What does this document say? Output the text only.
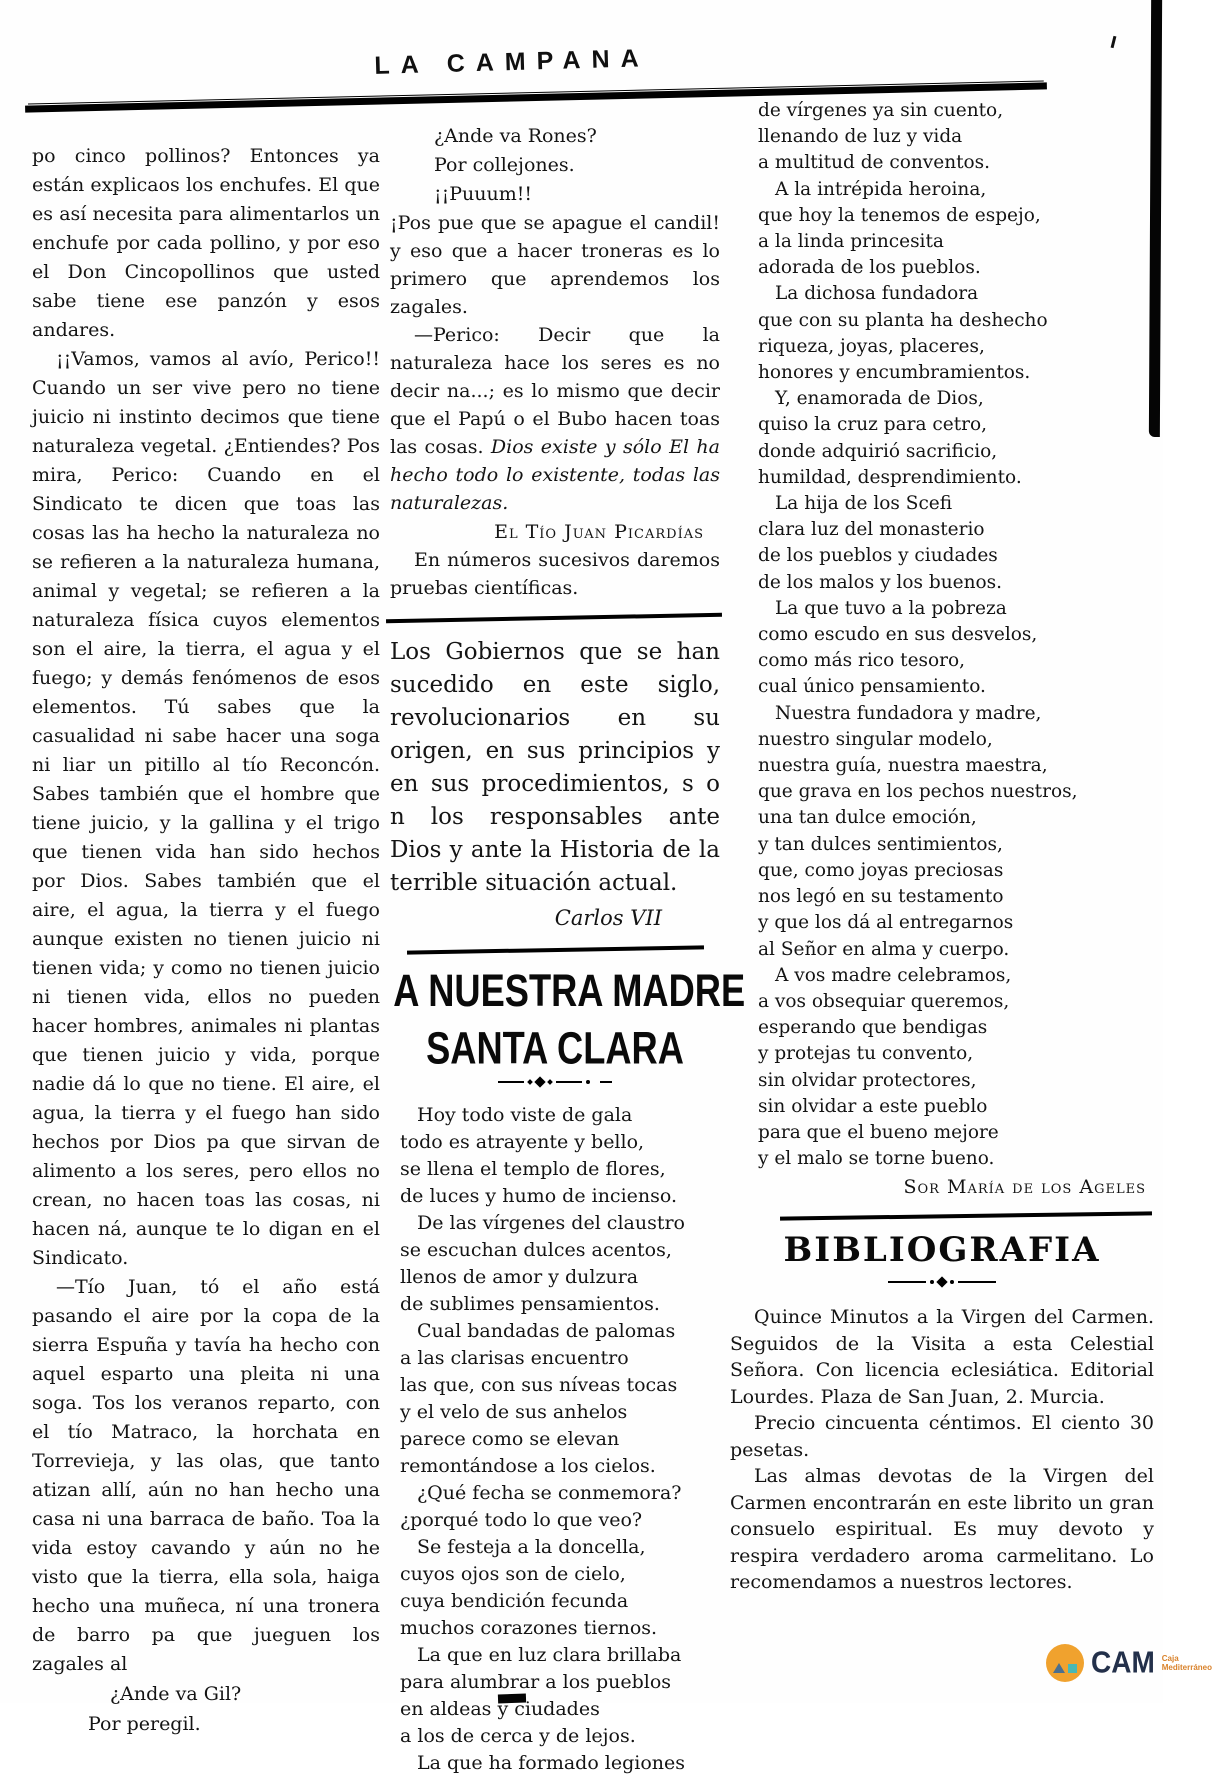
LA CAMPANA

po cinco pollinos? Entonces ya están explicaos los enchufes. El que es así necesita para alimentarlos un enchufe por cada pollino, y por eso el Don Cincopollinos que usted sabe tiene ese panzón y esos andares.

¡¡Vamos, vamos al avío, Perico!! Cuando un ser vive pero no tiene juicio ni instinto decimos que tiene naturaleza vegetal. ¿Entiendes? Pos mira, Perico: Cuando en el Sindicato te dicen que toas las cosas las ha hecho la naturaleza no se refieren a la naturaleza humana, animal y vegetal; se refieren a la naturaleza física cuyos elementos son el aire, la tierra, el agua y el fuego; y demás fenómenos de esos elementos. Tú sabes que la casualidad ni sabe hacer una soga ni liar un pitillo al tío Reconcón. Sabes también que el hombre que tiene juicio, y la gallina y el trigo que tienen vida han sido hechos por Dios. Sabes también que el aire, el agua, la tierra y el fuego aunque existen no tienen juicio ni tienen vida; y como no tienen juicio ni tienen vida, ellos no pueden hacer hombres, animales ni plantas que tienen juicio y vida, porque nadie dá lo que no tiene. El aire, el agua, la tierra y el fuego han sido hechos por Dios pa que sirvan de alimento a los seres, pero ellos no crean, no hacen toas las cosas, ni hacen ná, aunque te lo digan en el Sindicato.

—Tío Juan, tó el año está pasando el aire por la copa de la sierra Espuña y tavía ha hecho con aquel esparto una pleita ni una soga. Tos los veranos reparto, con el tío Matraco, la horchata en Torrevieja, y las olas, que tanto atizan allí, aún no han hecho una casa ni una barraca de baño. Toa la vida estoy cavando y aún no he visto que la tierra, ella sola, haiga hecho una muñeca, ní una tronera de barro pa que jueguen los zagales al

¿Ande va Gil?

Por peregil.

¿Ande va Rones?

Por collejones.

¡¡Puuum!!

¡Pos pue que se apague el candil! y eso que a hacer troneras es lo primero que aprendemos los zagales.

—Perico: Decir que la naturaleza hace los seres es no decir na...; es lo mismo que decir que el Papú o el Bubo hacen toas las cosas. Dios existe y sólo El ha hecho todo lo existente, todas las naturalezas.

El Tío Juan Picardías

En números sucesivos daremos pruebas científicas.

Los Gobiernos que se han sucedido en este siglo, revolucionarios en su origen, en sus principios y en sus procedimientos, s o n los responsables ante Dios y ante la Historia de la terrible situación actual.

Carlos VII

A NUESTRA MADRE
SANTA CLARA
Hoy todo viste de gala
todo es atrayente y bello,
se llena el templo de flores,
de luces y humo de incienso.
De las vírgenes del claustro
se escuchan dulces acentos,
llenos de amor y dulzura
de sublimes pensamientos.
Cual bandadas de palomas
a las clarisas encuentro
las que, con sus níveas tocas
y el velo de sus anhelos
parece como se elevan
remontándose a los cielos.
¿Qué fecha se conmemora?
¿porqué todo lo que veo?
Se festeja a la doncella,
cuyos ojos son de cielo,
cuya bendición fecunda
muchos corazones tiernos.
La que en luz clara brillaba
para alumbrar a los pueblos
en aldeas y ciudades
a los de cerca y de lejos.
La que ha formado legiones
de vírgenes ya sin cuento,
llenando de luz y vida
a multitud de conventos.
A la intrépida heroina,
que hoy la tenemos de espejo,
a la linda princesita
adorada de los pueblos.
La dichosa fundadora
que con su planta ha deshecho
riqueza, joyas, placeres,
honores y encumbramientos.
Y, enamorada de Dios,
quiso la cruz para cetro,
donde adquirió sacrificio,
humildad, desprendimiento.
La hija de los Scefi
clara luz del monasterio
de los pueblos y ciudades
de los malos y los buenos.
La que tuvo a la pobreza
como escudo en sus desvelos,
como más rico tesoro,
cual único pensamiento.
Nuestra fundadora y madre,
nuestro singular modelo,
nuestra guía, nuestra maestra,
que grava en los pechos nuestros,
una tan dulce emoción,
y tan dulces sentimientos,
que, como joyas preciosas
nos legó en su testamento
y que los dá al entregarnos
al Señor en alma y cuerpo.
A vos madre celebramos,
a vos obsequiar queremos,
esperando que bendigas
y protejas tu convento,
sin olvidar protectores,
sin olvidar a este pueblo
para que el bueno mejore
y el malo se torne bueno.

Sor María de los Ageles

BIBLIOGRAFIA

Quince Minutos a la Virgen del Carmen. Seguidos de la Visita a esta Celestial Señora. Con licencia eclesiática. Editorial Lourdes. Plaza de San Juan, 2. Murcia.

Precio cincuenta céntimos. El ciento 30 pesetas.

Las almas devotas de la Virgen del Carmen encontrarán en este librito un gran consuelo espiritual. Es muy devoto y respira verdadero aroma carmelitano. Lo recomendamos a nuestros lectores.

CAM Caja
Mediterráneo
